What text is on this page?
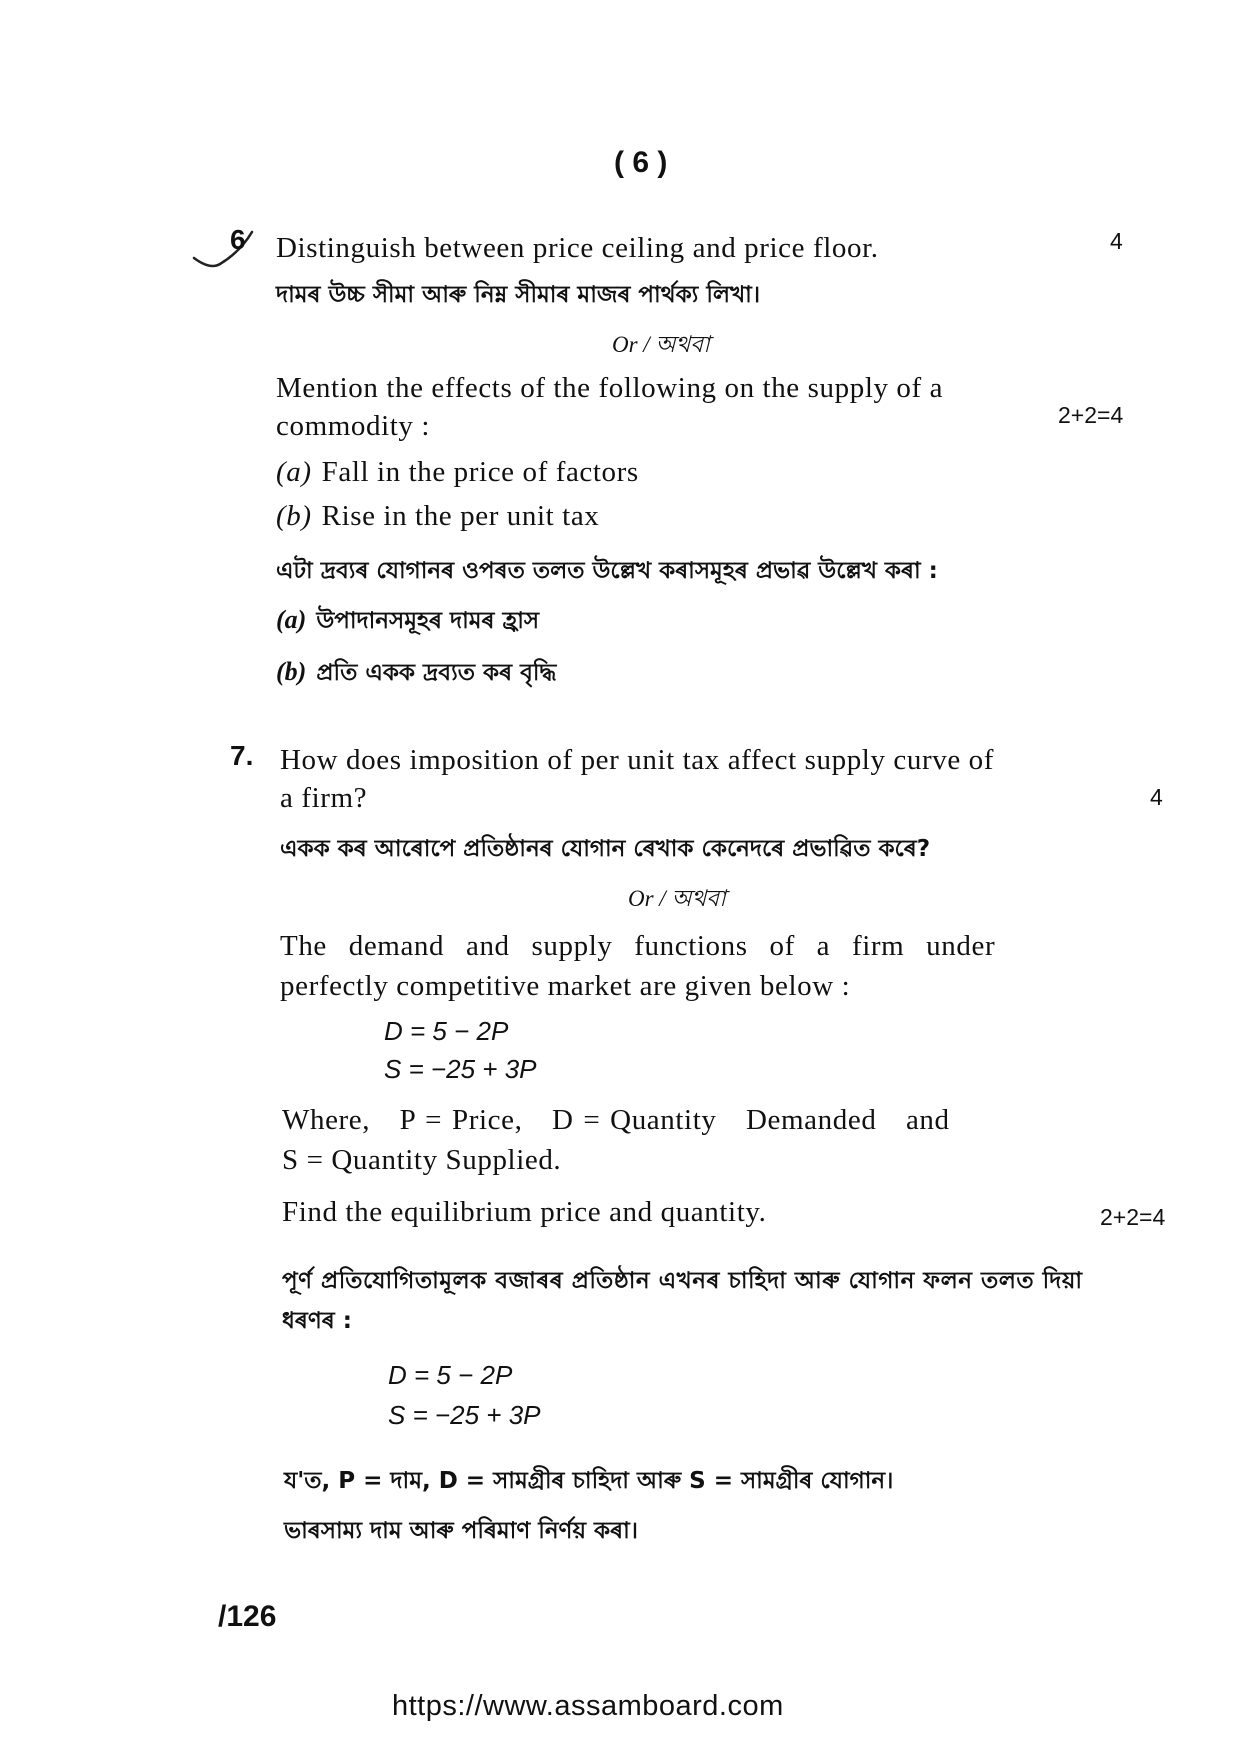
( 6 )
6 Distinguish between price ceiling and price floor.	4
দামৰ উচ্চ সীমা আৰু নিম্ন সীমাৰ মাজৰ পাৰ্থক্য লিখা।
Or / অথবা
Mention the effects of the following on the supply of a
commodity :	2+2=4
(a) Fall in the price of factors
(b) Rise in the per unit tax
এটা দ্ৰব্যৰ যোগানৰ ওপৰত তলত উল্লেখ কৰাসমূহৰ প্ৰভাৱ উল্লেখ কৰা :
(a) উপাদানসমূহৰ দামৰ হ্ৰাস
(b) প্ৰতি একক দ্ৰব্যত কৰ বৃদ্ধি
7. How does imposition of per unit tax affect supply curve of
a firm?	4
একক কৰ আৰোপে প্ৰতিষ্ঠানৰ যোগান ৰেখাক কেনেদৰে প্ৰভাৱিত কৰে?
Or / অথবা
The demand and supply functions of a firm under
perfectly competitive market are given below :
D = 5 − 2P
S = −25 + 3P
Where,   P = Price,   D = Quantity   Demanded   and
S = Quantity Supplied.
Find the equilibrium price and quantity.	2+2=4
পূৰ্ণ প্ৰতিযোগিতামূলক বজাৰৰ প্ৰতিষ্ঠান এখনৰ চাহিদা আৰু যোগান ফলন তলত দিয়া
ধৰণৰ :
D = 5 − 2P
S = −25 + 3P
য'ত, P = দাম, D = সামগ্ৰীৰ চাহিদা আৰু S = সামগ্ৰীৰ যোগান।
ভাৰসাম্য দাম আৰু পৰিমাণ নিৰ্ণয় কৰা।
/126
https://www.assamboard.com
